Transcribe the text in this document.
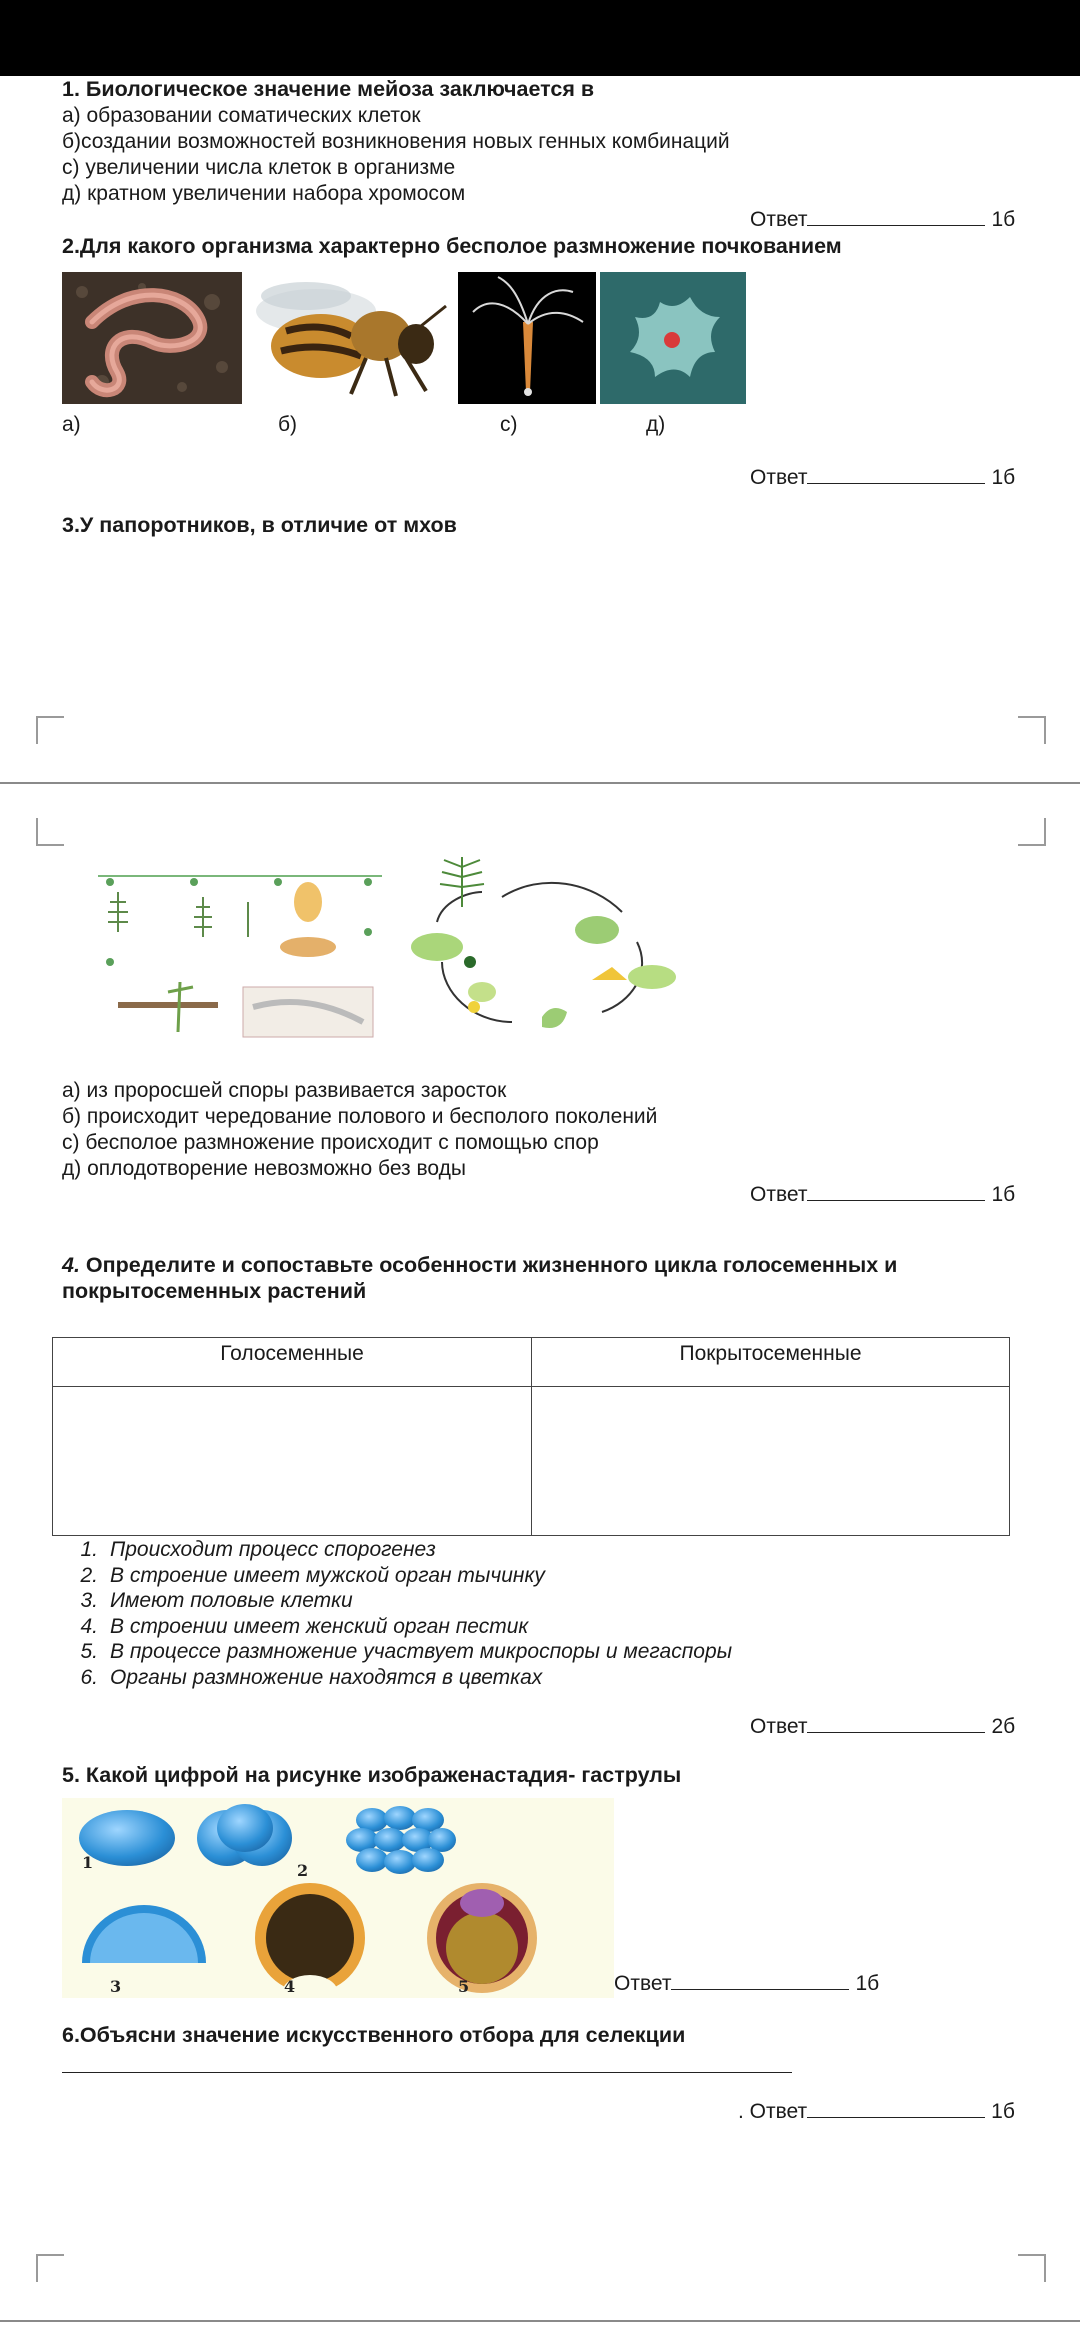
1. Биологическое значение мейоза заключается в
а) образовании соматических клеток
б)создании возможностей возникновения новых генных комбинаций
с) увеличении числа клеток в организме
д) кратном увеличении набора хромосом
Ответ	1б
2.Для какого организма характерно бесполое размножение почкованием
а)	б)	с)	д)
Ответ	1б
3.У папоротников, в отличие от мхов
а) из проросшей споры развивается заросток
б) происходит чередование полового и бесполого поколений
с) бесполое размножение происходит с помощью спор
д) оплодотворение невозможно без воды
Ответ	1б
4. Определите и сопоставьте особенности жизненного цикла голосеменных и
покрытосеменных растений
Голосеменные	Покрытосеменные

1. Происходит процесс спорогенез
2. В строение имеет мужской орган тычинку
3. Имеют половые клетки
4. В строении имеет женский орган пестик
5. В процессе размножение участвует микроспоры и мегаспоры
6. Органы размножение находятся в цветках
Ответ	2б
5. Какой цифрой на рисунке изображенастадия- гаструлы
1	2
3	4	5	Ответ	1б
6.Объясни значение искусственного отбора для селекции
. Ответ	1б
